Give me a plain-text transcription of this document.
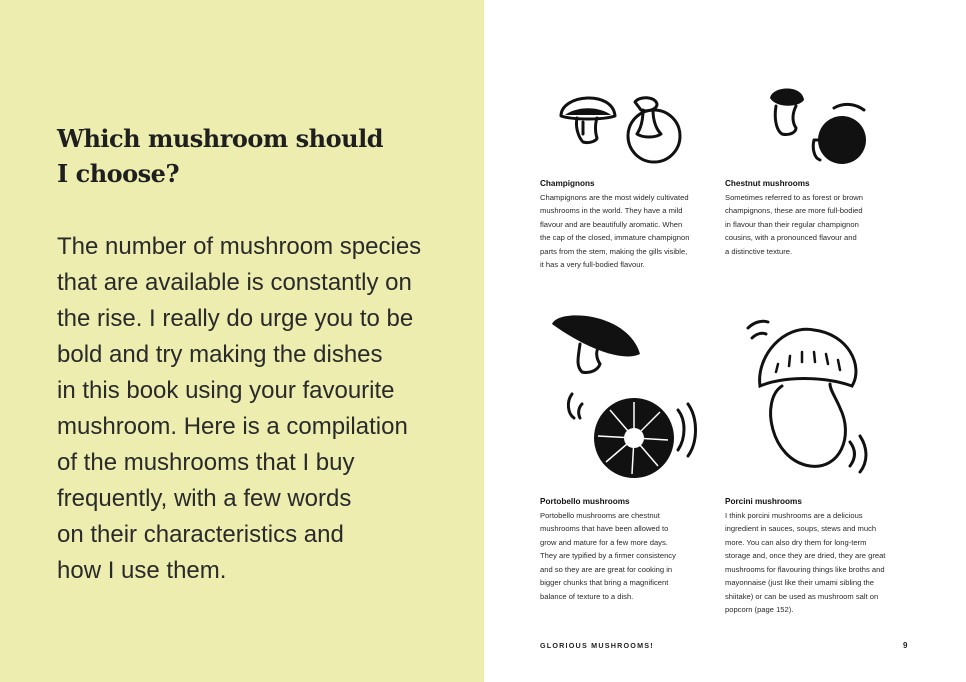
Which mushroom should
I choose?

The number of mushroom species
that are available is constantly on
the rise. I really do urge you to be
bold and try making the dishes
in this book using your favourite
mushroom. Here is a compilation
of the mushrooms that I buy
frequently, with a few words
on their characteristics and
how I use them.

Champignons
Champignons are the most widely cultivated
mushrooms in the world. They have a mild
flavour and are beautifully aromatic. When
the cap of the closed, immature champignon
parts from the stem, making the gills visible,
it has a very full-bodied flavour.
Chestnut mushrooms
Sometimes referred to as forest or brown
champignons, these are more full-bodied
in flavour than their regular champignon
cousins, with a pronounced flavour and
a distinctive texture.
Portobello mushrooms
Portobello mushrooms are chestnut
mushrooms that have been allowed to
grow and mature for a few more days.
They are typified by a firmer consistency
and so they are are great for cooking in
bigger chunks that bring a magnificent
balance of texture to a dish.
Porcini mushrooms
I think porcini mushrooms are a delicious
ingredient in sauces, soups, stews and much
more. You can also dry them for long-term
storage and, once they are dried, they are great
mushrooms for flavouring things like broths and
mayonnaise (just like their umami sibling the
shiitake) or can be used as mushroom salt on
popcorn (page 152).
GLORIOUS MUSHROOMS!	9
